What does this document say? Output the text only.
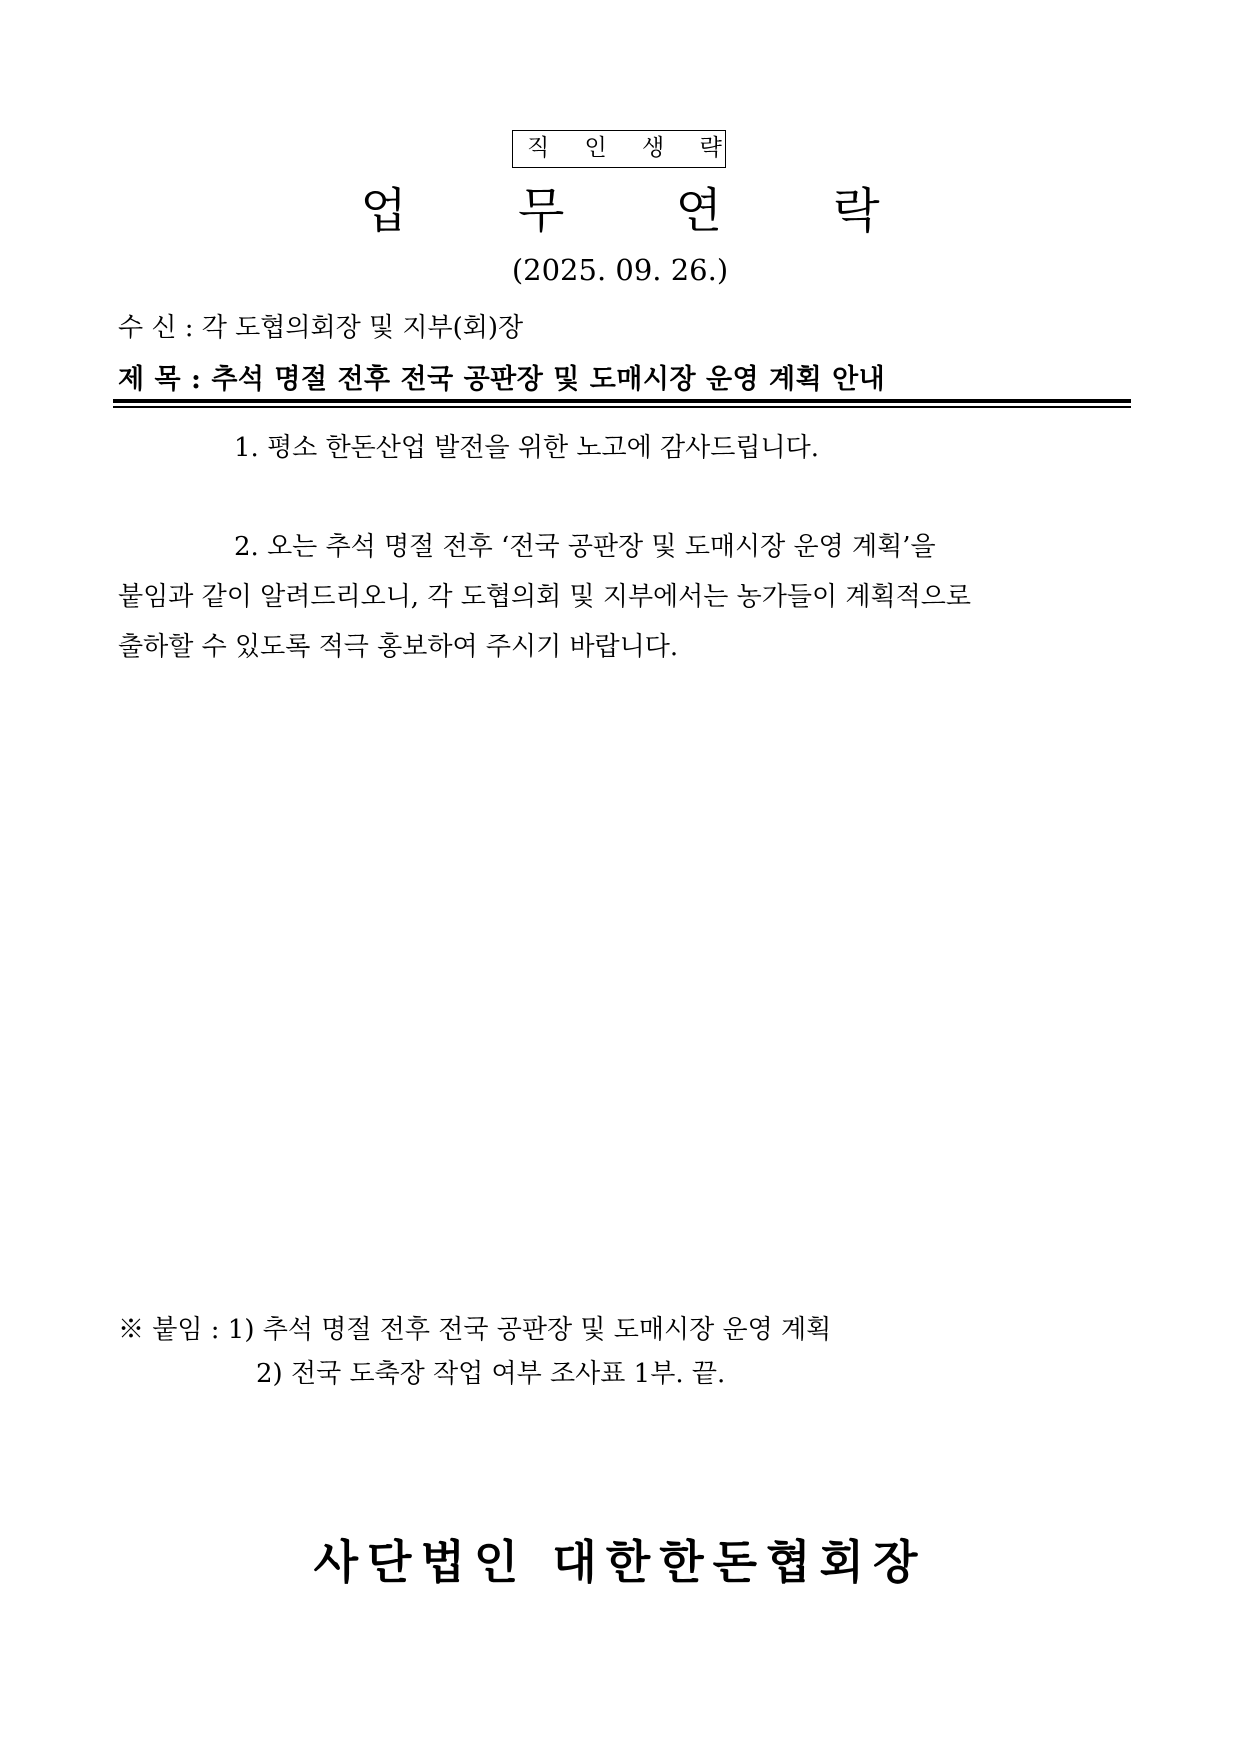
직 인 생 략
업 무 연 락
(2025. 09. 26.)
수 신 : 각 도협의회장 및 지부(회)장
제 목 : 추석 명절 전후 전국 공판장 및 도매시장 운영 계획 안내
1. 평소 한돈산업 발전을 위한 노고에 감사드립니다.
2. 오는 추석 명절 전후 ‘전국 공판장 및 도매시장 운영 계획’을
붙임과 같이 알려드리오니, 각 도협의회 및 지부에서는 농가들이 계획적으로
출하할 수 있도록 적극 홍보하여 주시기 바랍니다.
※ 붙임 : 1) 추석 명절 전후 전국 공판장 및 도매시장 운영 계획
2) 전국 도축장 작업 여부 조사표 1부. 끝.
사단법인 대한한돈협회장
